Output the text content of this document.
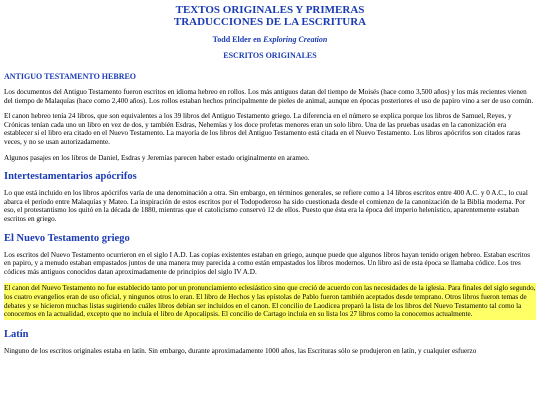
TEXTOS ORIGINALES Y PRIMERAS

TRADUCCIONES DE LA ESCRITURA

Todd Elder en Exploring Creation

ESCRITOS ORIGINALES

ANTIGUO TESTAMENTO HEBREO

Los documentos del Antiguo Testamento fueron escritos en idioma hebreo en rollos. Los más antiguos datan del tiempo de Moisés (hace como 3,500 años) y los más recientes vienen del tiempo de Malaquías (hace como 2,400 años). Los rollos estaban hechos principalmente de pieles de animal, aunque en épocas posteriores el uso de papiro vino a ser de uso común.

El canon hebreo tenía 24 libros, que son equivalentes a los 39 libros del Antiguo Testamento griego. La diferencia en el número se explica porque los libros de Samuel, Reyes, y Crónicas tenían cada uno un libro en vez de dos, y también Esdras, Nehemías y los doce profetas menores eran un solo libro. Una de las pruebas usadas en la canonización era establecer si el libro era citado en el Nuevo Testamento. La mayoría de los libros del Antiguo Testamento está citada en el Nuevo Testamento. Los libros apócrifos son citados raras veces, y no se usan autorizadamente.

Algunos pasajes en los libros de Daniel, Esdras y Jeremías parecen haber estado originalmente en arameo.

Intertestamentarios apócrifos

Lo que está incluido en los libros apócrifos varía de una denominación a otra. Sin embargo, en términos generales, se refiere como a 14 libros escritos entre 400 A.C. y 0 A.C., lo cual abarca el período entre Malaquías y Mateo. La inspiración de estos escritos por el Todopoderoso ha sido cuestionada desde el comienzo de la canonización de la Biblia moderna. Por eso, el protestantismo los quitó en la década de 1880, mientras que el catolicismo conservó 12 de ellos. Puesto que ésta era la época del imperio helenístico, aparentemente estaban escritos en griego.

El Nuevo Testamento griego

Los escritos del Nuevo Testamento ocurrieron en el siglo I A.D. Las copias existentes estaban en griego, aunque puede que algunos libros hayan tenido origen hebreo. Estaban escritos en papiro, y a menudo estaban empastados juntos de una manera muy parecida a como están empastados los libros modernos. Un libro así de esta época se llamaba códice. Los tres códices más antiguos conocidos datan aproximadamente de principios del siglo IV A.D.

El canon del Nuevo Testamento no fue establecido tanto por un pronunciamiento eclesiástico sino que creció de acuerdo con las necesidades de la iglesia. Para finales del siglo segundo, los cuatro evangelios eran de uso oficial, y ningunos otros lo eran. El libro de Hechos y las epístolas de Pablo fueron también aceptados desde temprano. Otros libros fueron temas de debates y se hicieron muchas listas sugiriendo cuáles libros debían ser incluidos en el canon. El concilio de Laodicea preparó la lista de los libros del Nuevo Testamento tal como la conocemos en la actualidad, excepto que no incluía el libro de Apocalipsis. El concilio de Cartago incluía en su lista los 27 libros como la conocemos actualmente.

Latín

Ninguno de los escritos originales estaba en latín. Sin embargo, durante aproximadamente 1000 años, las Escrituras sólo se produjeron en latín, y cualquier esfuerzo
